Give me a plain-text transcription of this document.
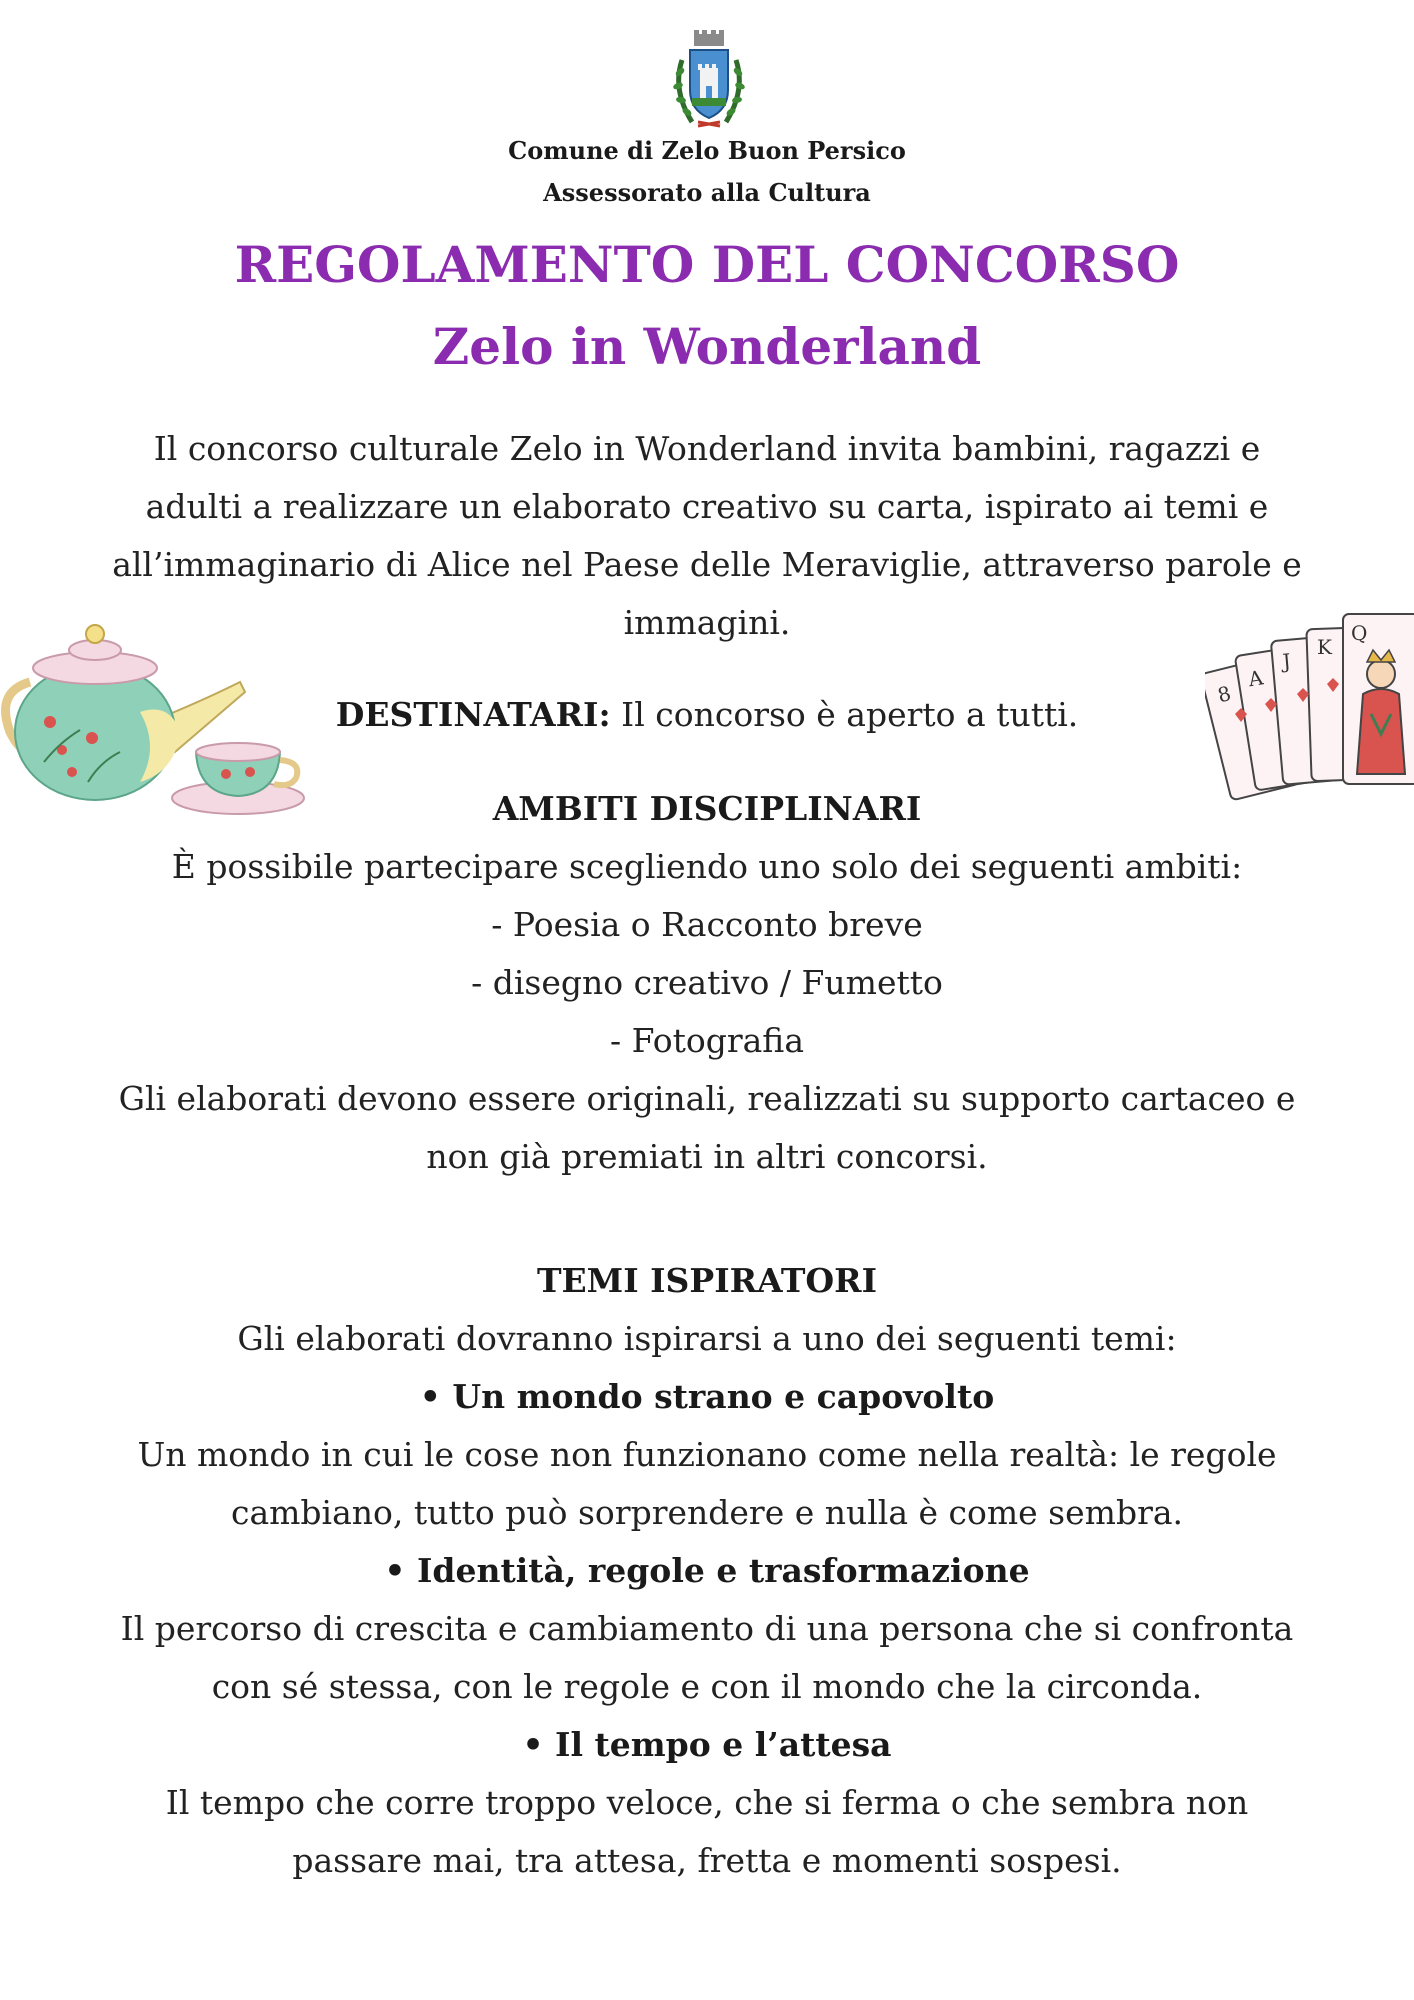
Comune di Zelo Buon Persico
Assessorato alla Cultura
REGOLAMENTO DEL CONCORSO
Zelo in Wonderland
Il concorso culturale Zelo in Wonderland invita bambini, ragazzi e
adulti a realizzare un elaborato creativo su carta, ispirato ai temi e
all’immaginario di Alice nel Paese delle Meraviglie, attraverso parole e
immagini.
8
A
J
K
Q
DESTINATARI: Il concorso è aperto a tutti.
AMBITI DISCIPLINARI
È possibile partecipare scegliendo uno solo dei seguenti ambiti:
- Poesia o Racconto breve
- disegno creativo / Fumetto
- Fotografia
Gli elaborati devono essere originali, realizzati su supporto cartaceo e
non già premiati in altri concorsi.
TEMI ISPIRATORI
Gli elaborati dovranno ispirarsi a uno dei seguenti temi:
• Un mondo strano e capovolto
Un mondo in cui le cose non funzionano come nella realtà: le regole
cambiano, tutto può sorprendere e nulla è come sembra.
• Identità, regole e trasformazione
Il percorso di crescita e cambiamento di una persona che si confronta
con sé stessa, con le regole e con il mondo che la circonda.
• Il tempo e l’attesa
Il tempo che corre troppo veloce, che si ferma o che sembra non
passare mai, tra attesa, fretta e momenti sospesi.
